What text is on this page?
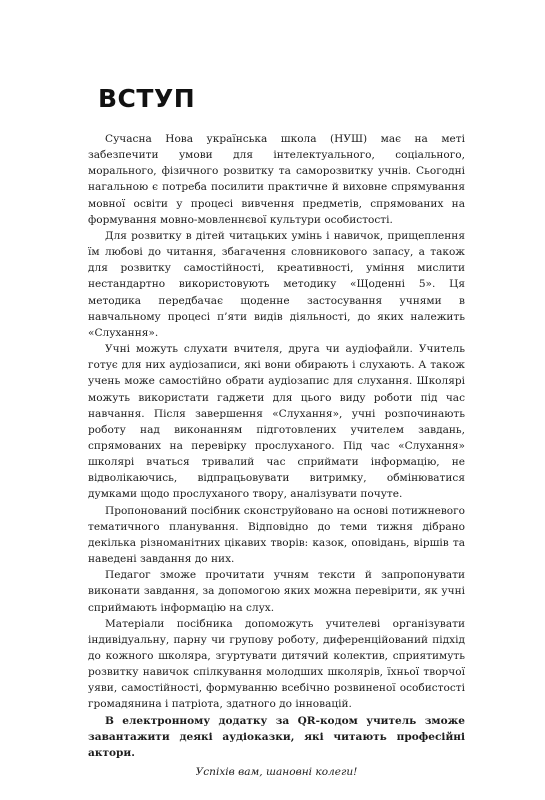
ВСТУП

Сучасна Нова українська школа (НУШ) має на меті забезпечити умови для інтелектуального, соціального, морального, фізичного розвитку та саморозвитку учнів. Сьогодні нагальною є потреба посилити практичне й виховне спрямування мовної освіти у процесі вивчення предметів, спрямованих на формування мовно-мовленнєвої культури особистості.

Для розвитку в дітей читацьких умінь і навичок, прищеплення їм любові до читання, збагачення словникового запасу, а також для розвитку самостійності, креативності, уміння мислити нестандартно використовують методику «Щоденні 5». Ця методика передбачає щоденне застосування учнями в навчальному процесі п’яти видів діяльності, до яких належить «Слухання».

Учні можуть слухати вчителя, друга чи аудіофайли. Учитель готує для них аудіозаписи, які вони обирають і слухають. А також учень може самостійно обрати аудіозапис для слухання. Школярі можуть використати гаджети для цього виду роботи під час навчання. Після завершення «Слухання», учні розпочинають роботу над виконанням підготовлених учителем завдань, спрямованих на перевірку прослуханого. Під час «Слухання» школярі вчаться тривалий час сприймати інформацію, не відволікаючись, відпрацьовувати витримку, обмінюватися думками щодо прослуханого твору, аналізувати почуте.

Пропонований посібник сконструйовано на основі потижневого тематичного планування. Відповідно до теми тижня дібрано декілька різноманітних цікавих творів: казок, оповідань, віршів та наведені завдання до них.

Педагог зможе прочитати учням тексти й запропонувати виконати завдання, за допомогою яких можна перевірити, як учні сприймають інформацію на слух.

Матеріали посібника допоможуть учителеві організувати індивідуальну, парну чи групову роботу, диференційований підхід до кожного школяра, згуртувати дитячий колектив, сприятимуть розвитку навичок спілкування молодших школярів, їхньої творчої уяви, самостійності, формуванню всебічно розвиненої особистості громадянина і патріота, здатного до інновацій.

В електронному додатку за QR-кодом учитель зможе завантажити деякі аудіоказки, які читають професійні актори.

Успіхів вам, шановні колеги!
